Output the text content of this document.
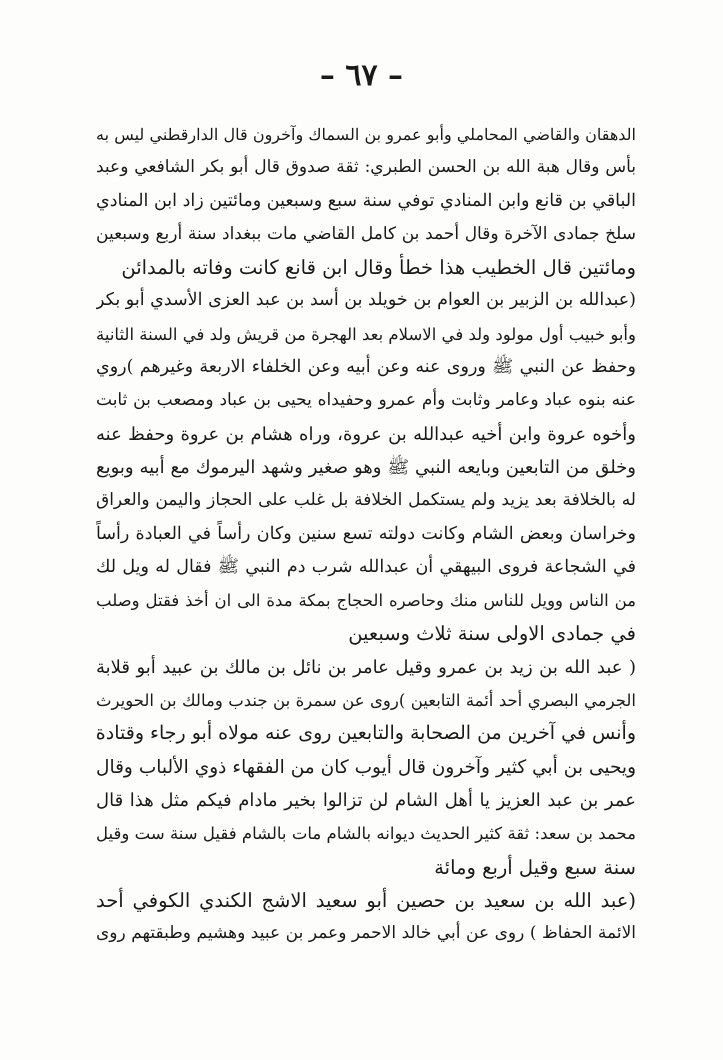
– ٦٧ –
الدهقان والقاضي المحاملي وأبو عمرو بن السماك وآخرون قال الدارقطني ليس به
بأس وقال هبة الله بن الحسن الطبري: ثقة صدوق قال أبو بكر الشافعي وعبد
الباقي بن قانع وابن المنادي توفي سنة سبع وسبعين ومائتين زاد ابن المنادي
سلخ جمادى الآخرة وقال أحمد بن كامل القاضي مات ببغداد سنة أربع وسبعين
ومائتين قال الخطيب هذا خطأ وقال ابن قانع كانت وفاته بالمدائن
(عبدالله بن الزبير بن العوام بن خويلد بن أسد بن عبد العزى الأسدي أبو بكر
وأبو خبيب أول مولود ولد في الاسلام بعد الهجرة من قريش ولد في السنة الثانية
وحفظ عن النبي ﷺ وروى عنه وعن أبيه وعن الخلفاء الاربعة وغيرهم )روي
عنه بنوه عباد وعامر وثابت وأم عمرو وحفيداه يحيى بن عباد ومصعب بن ثابت
وأخوه عروة وابن أخيه عبدالله بن عروة، وراه هشام بن عروة وحفظ عنه
وخلق من التابعين وبايعه النبي ﷺ وهو صغير وشهد اليرموك مع أبيه وبويع
له بالخلافة بعد يزيد ولم يستكمل الخلافة بل غلب على الحجاز واليمن والعراق
وخراسان وبعض الشام وكانت دولته تسع سنين وكان رأساً في العبادة رأساً
في الشجاعة فروى البيهقي أن عبدالله شرب دم النبي ﷺ فقال له ويل لك
من الناس وويل للناس منك وحاصره الحجاج بمكة مدة الى ان أخذ فقتل وصلب
في جمادى الاولى سنة ثلاث وسبعين
( عبد الله بن زيد بن عمرو وقيل عامر بن نائل بن مالك بن عبيد أبو قلابة
الجرمي البصري أحد أئمة التابعين )روى عن سمرة بن جندب ومالك بن الحويرث
وأنس في آخرين من الصحابة والتابعين روى عنه مولاه أبو رجاء وقتادة
ويحيى بن أبي كثير وآخرون قال أيوب كان من الفقهاء ذوي الألباب وقال
عمر بن عبد العزيز يا أهل الشام لن تزالوا بخير مادام فيكم مثل هذا قال
محمد بن سعد: ثقة كثير الحديث ديوانه بالشام مات بالشام فقيل سنة ست وقيل
سنة سبع وقيل أربع ومائة
(عبد الله بن سعيد بن حصين أبو سعيد الاشج الكندي الكوفي أحد
الائمة الحفاظ ) روى عن أبي خالد الاحمر وعمر بن عبيد وهشيم وطبقتهم روى
